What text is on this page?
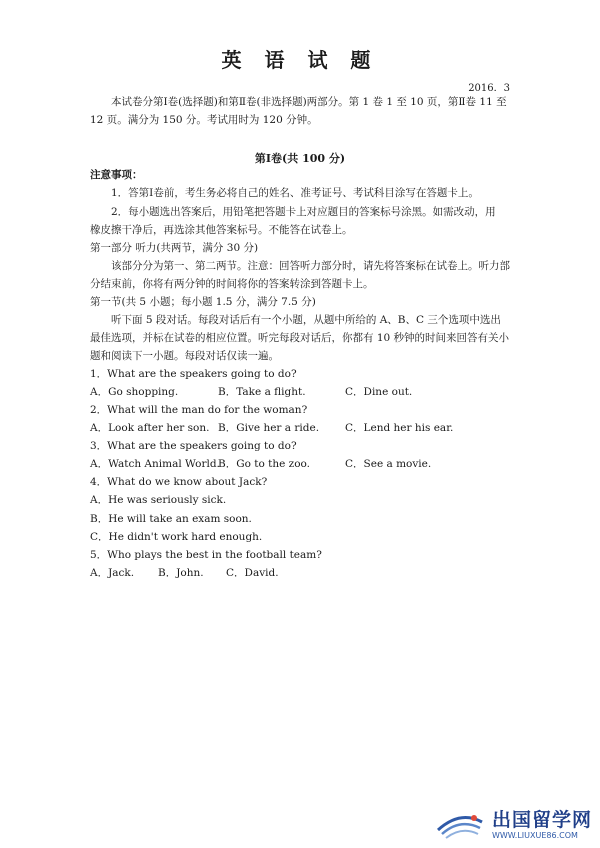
英 语 试 题
2016．3
本试卷分第Ⅰ卷(选择题)和第Ⅱ卷(非选择题)两部分。第 1 卷 1 至 10 页，第Ⅱ卷 11 至 12 页。满分为 150 分。考试用时为 120 分钟。
第Ⅰ卷(共 100 分)
注意事项：
1．答第Ⅰ卷前，考生务必将自己的姓名、准考证号、考试科目涂写在答题卡上。
2．每小题选出答案后，用铅笔把答题卡上对应题目的答案标号涂黑。如需改动，用　　橡皮擦干净后，再选涂其他答案标号。不能答在试卷上。
第一部分 听力(共两节，满分 30 分)
该部分分为第一、第二两节。注意：回答听力部分时，请先将答案标在试卷上。听力部分结束前，你将有两分钟的时间将你的答案转涂到答题卡上。
第一节(共 5 小题；每小题 1.5 分，满分 7.5 分)
听下面 5 段对话。每段对话后有一个小题，从题中所给的 A、B、C 三个选项中选出最佳选项，并标在试卷的相应位置。听完每段对话后，你都有 10 秒钟的时间来回答有关小题和阅读下一小题。每段对话仅读一遍。
1．What are the speakers going to do?
A．Go shopping.	B．Take a flight.	C．Dine out.
2．What will the man do for the woman?
A．Look after her son. B．Give her a ride. C．Lend her his ear.
3．What are the speakers going to do?
A．Watch Animal World.
B．Go to the zoo.	C．See a movie.
4．What do we know about Jack?
A．He was seriously sick.
B．He will take an exam soon.
C．He didn't work hard enough.
5．Who plays the best in the football team?
A．Jack. B．John. C．David.
出国留学网
WWW.LIUXUE86.COM
